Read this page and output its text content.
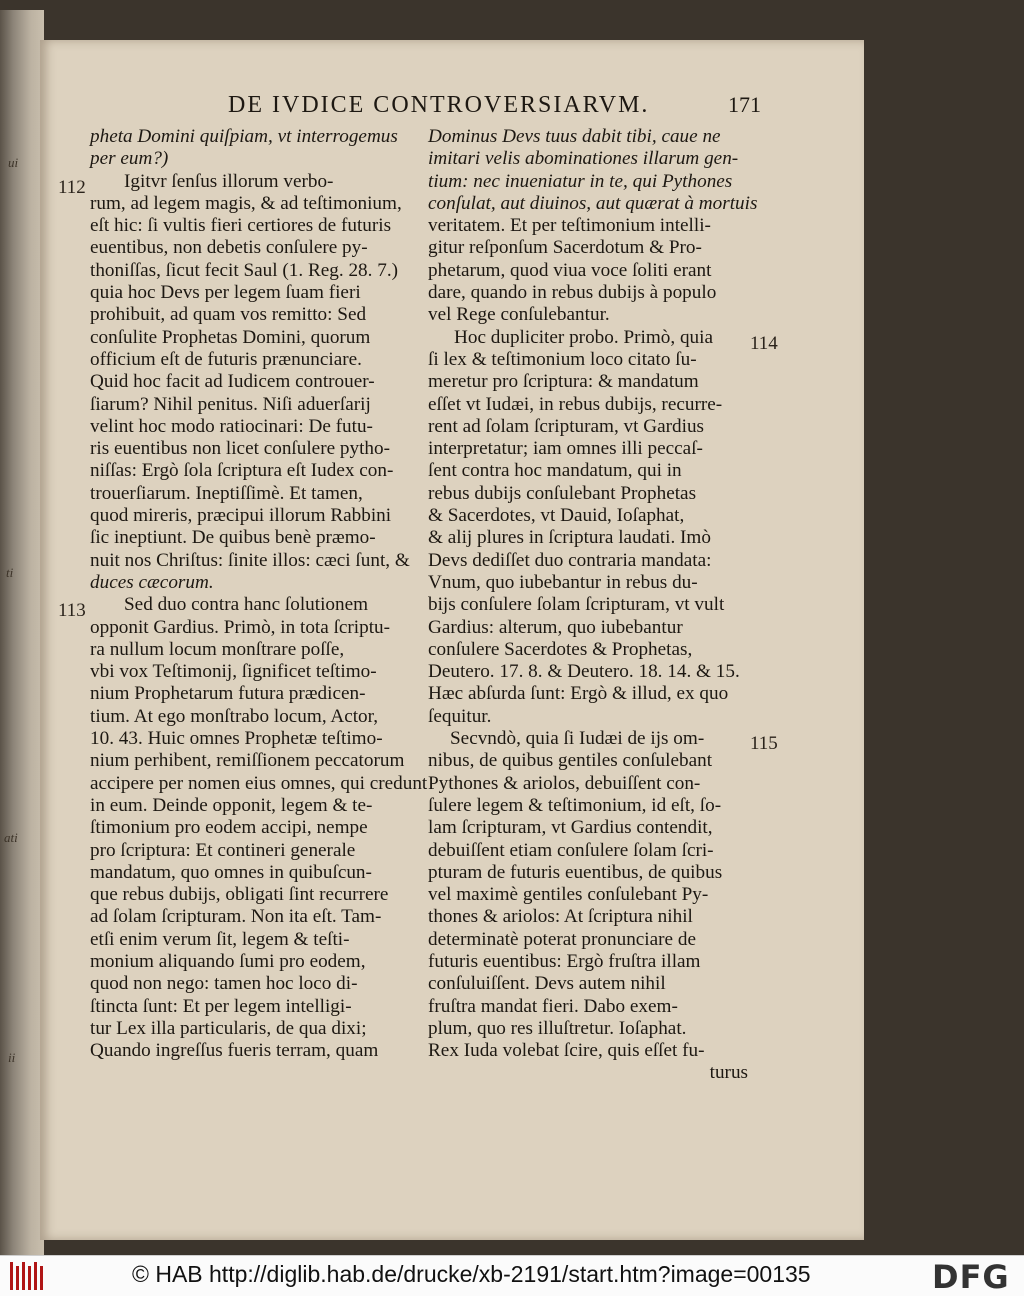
ui
ti
ati
ii
DE IVDICE CONTROVERSIARVM.	171
pheta Domini quiſpiam, vt interrogemus
per eum?)
Igitvr ſenſus illorum verbo-
rum, ad legem magis, & ad teſtimonium,
eſt hic: ſi vultis fieri certiores de futuris
euentibus, non debetis conſulere py-
thoniſſas, ſicut fecit Saul (1. Reg. 28. 7.)
quia hoc Devs per legem ſuam fieri
prohibuit, ad quam vos remitto: Sed
conſulite Prophetas Domini, quorum
officium eſt de futuris prænunciare.
Quid hoc facit ad Iudicem controuer-
ſiarum? Nihil penitus. Niſi aduerſarij
velint hoc modo ratiocinari: De futu-
ris euentibus non licet conſulere pytho-
niſſas: Ergò ſola ſcriptura eſt Iudex con-
trouerſiarum. Ineptiſſimè. Et tamen,
quod mireris, præcipui illorum Rabbini
ſic ineptiunt. De quibus benè præmo-
nuit nos Chriſtus: ſinite illos: cæci ſunt, &
duces cæcorum.
Sed duo contra hanc ſolutionem
opponit Gardius. Primò, in tota ſcriptu-
ra nullum locum monſtrare poſſe,
vbi vox Teſtimonij, ſignificet teſtimo-
nium Prophetarum futura prædicen-
tium. At ego monſtrabo locum, Actor,
10. 43. Huic omnes Prophetæ teſtimo-
nium perhibent, remiſſionem peccatorum
accipere per nomen eius omnes, qui credunt
in eum. Deinde opponit, legem & te-
ſtimonium pro eodem accipi, nempe
pro ſcriptura: Et contineri generale
mandatum, quo omnes in quibuſcun-
que rebus dubijs, obligati ſint recurrere
ad ſolam ſcripturam. Non ita eſt. Tam-
etſi enim verum ſit, legem & teſti-
monium aliquando ſumi pro eodem,
quod non nego: tamen hoc loco di-
ſtincta ſunt: Et per legem intelligi-
tur Lex illa particularis, de qua dixi;
Quando ingreſſus fueris terram, quam
Dominus Devs tuus dabit tibi, caue ne
imitari velis abominationes illarum gen-
tium: nec inueniatur in te, qui Pythones
conſulat, aut diuinos, aut quærat à mortuis
veritatem. Et per teſtimonium intelli-
gitur reſponſum Sacerdotum & Pro-
phetarum, quod viua voce ſoliti erant
dare, quando in rebus dubijs à populo
vel Rege conſulebantur.
Hoc dupliciter probo. Primò, quia
ſi lex & teſtimonium loco citato ſu-
meretur pro ſcriptura: & mandatum
eſſet vt Iudæi, in rebus dubijs, recurre-
rent ad ſolam ſcripturam, vt Gardius
interpretatur; iam omnes illi peccaſ-
ſent contra hoc mandatum, qui in
rebus dubijs conſulebant Prophetas
& Sacerdotes, vt Dauid, Ioſaphat,
& alij plures in ſcriptura laudati. Imò
Devs dediſſet duo contraria mandata:
Vnum, quo iubebantur in rebus du-
bijs conſulere ſolam ſcripturam, vt vult
Gardius: alterum, quo iubebantur
conſulere Sacerdotes & Prophetas,
Deutero. 17. 8. & Deutero. 18. 14. & 15.
Hæc abſurda ſunt: Ergò & illud, ex quo
ſequitur.
Secvndò, quia ſi Iudæi de ijs om-
nibus, de quibus gentiles conſulebant
Pythones & ariolos, debuiſſent con-
ſulere legem & teſtimonium, id eſt, ſo-
lam ſcripturam, vt Gardius contendit,
debuiſſent etiam conſulere ſolam ſcri-
pturam de futuris euentibus, de quibus
vel maximè gentiles conſulebant Py-
thones & ariolos: At ſcriptura nihil
determinatè poterat pronunciare de
futuris euentibus: Ergò fruſtra illam
conſuluiſſent. Devs autem nihil
fruſtra mandat fieri. Dabo exem-
plum, quo res illuſtretur. Ioſaphat.
Rex Iuda volebat ſcire, quis eſſet fu-
turus
112
113
114
115
© HAB http://diglib.hab.de/drucke/xb-2191/start.htm?image=00135	DFG
